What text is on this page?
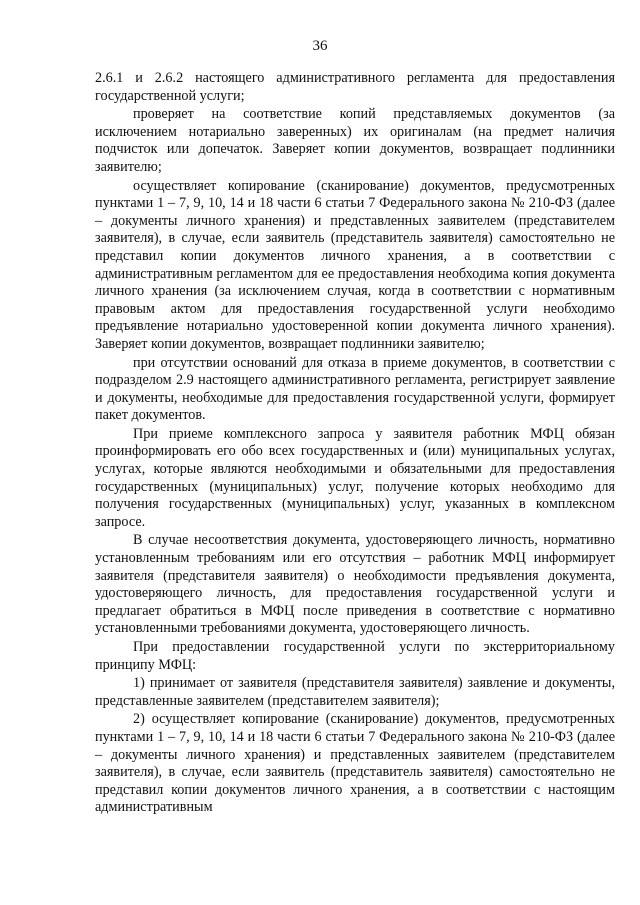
36

2.6.1 и 2.6.2 настоящего административного регламента для предоставления государственной услуги;

проверяет на соответствие копий представляемых документов (за исключением нотариально заверенных) их оригиналам (на предмет наличия подчисток или допечаток. Заверяет копии документов, возвращает подлинники заявителю;

осуществляет копирование (сканирование) документов, предусмотренных пунктами 1 – 7, 9, 10, 14 и 18 части 6 статьи 7 Федерального закона № 210-ФЗ (далее – документы личного хранения) и представленных заявителем (представителем заявителя), в случае, если заявитель (представитель заявителя) самостоятельно не представил копии документов личного хранения, а в соответствии с административным регламентом для ее предоставления необходима копия документа личного хранения (за исключением случая, когда в соответствии с нормативным правовым актом для предоставления государственной услуги необходимо предъявление нотариально удостоверенной копии документа личного хранения). Заверяет копии документов, возвращает подлинники заявителю;

при отсутствии оснований для отказа в приеме документов, в соответствии с подразделом 2.9 настоящего административного регламента, регистрирует заявление и документы, необходимые для предоставления государственной услуги, формирует пакет документов.

При приеме комплексного запроса у заявителя работник МФЦ обязан проинформировать его обо всех государственных и (или) муниципальных услугах, услугах, которые являются необходимыми и обязательными для предоставления государственных (муниципальных) услуг, получение которых необходимо для получения государственных (муниципальных) услуг, указанных в комплексном запросе.

В случае несоответствия документа, удостоверяющего личность, нормативно установленным требованиям или его отсутствия – работник МФЦ информирует заявителя (представителя заявителя) о необходимости предъявления документа, удостоверяющего личность, для предоставления государственной услуги и предлагает обратиться в МФЦ после приведения в соответствие с нормативно установленными требованиями документа, удостоверяющего личность.

При предоставлении государственной услуги по экстерриториальному принципу МФЦ:

1) принимает от заявителя (представителя заявителя) заявление и документы, представленные заявителем (представителем заявителя);

2) осуществляет копирование (сканирование) документов, предусмотренных пунктами 1 – 7, 9, 10, 14 и 18 части 6 статьи 7 Федерального закона № 210-ФЗ (далее – документы личного хранения) и представленных заявителем (представителем заявителя), в случае, если заявитель (представитель заявителя) самостоятельно не представил копии документов личного хранения, а в соответствии с настоящим административным
